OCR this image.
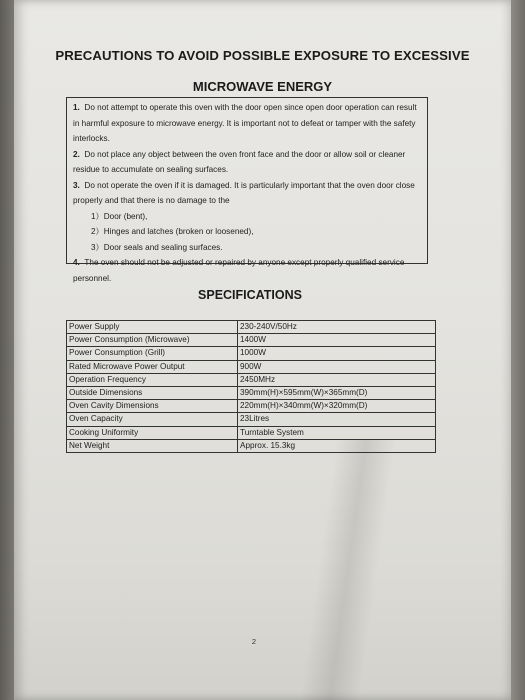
PRECAUTIONS TO AVOID POSSIBLE EXPOSURE TO EXCESSIVE
MICROWAVE ENERGY

1. Do not attempt to operate this oven with the door open since open door operation can result in harmful exposure to microwave energy. It is important not to defeat or tamper with the safety interlocks.

2. Do not place any object between the oven front face and the door or allow soil or cleaner residue to accumulate on sealing surfaces.

3. Do not operate the oven if it is damaged. It is particularly important that the oven door close properly and that there is no damage to the

1）Door (bent),

2）Hinges and latches (broken or loosened),

3）Door seals and sealing surfaces.

4. The oven should not be adjusted or repaired by anyone except properly qualified service personnel.

SPECIFICATIONS
Power Supply	230-240V/50Hz
Power Consumption (Microwave)	1400W
Power Consumption (Grill)	1000W
Rated Microwave Power Output	900W
Operation Frequency	2450MHz
Outside Dimensions	390mm(H)×595mm(W)×365mm(D)
Oven Cavity Dimensions	220mm(H)×340mm(W)×320mm(D)
Oven Capacity	23Litres
Cooking Uniformity	Turntable System
Net Weight	Approx. 15.3kg
2
